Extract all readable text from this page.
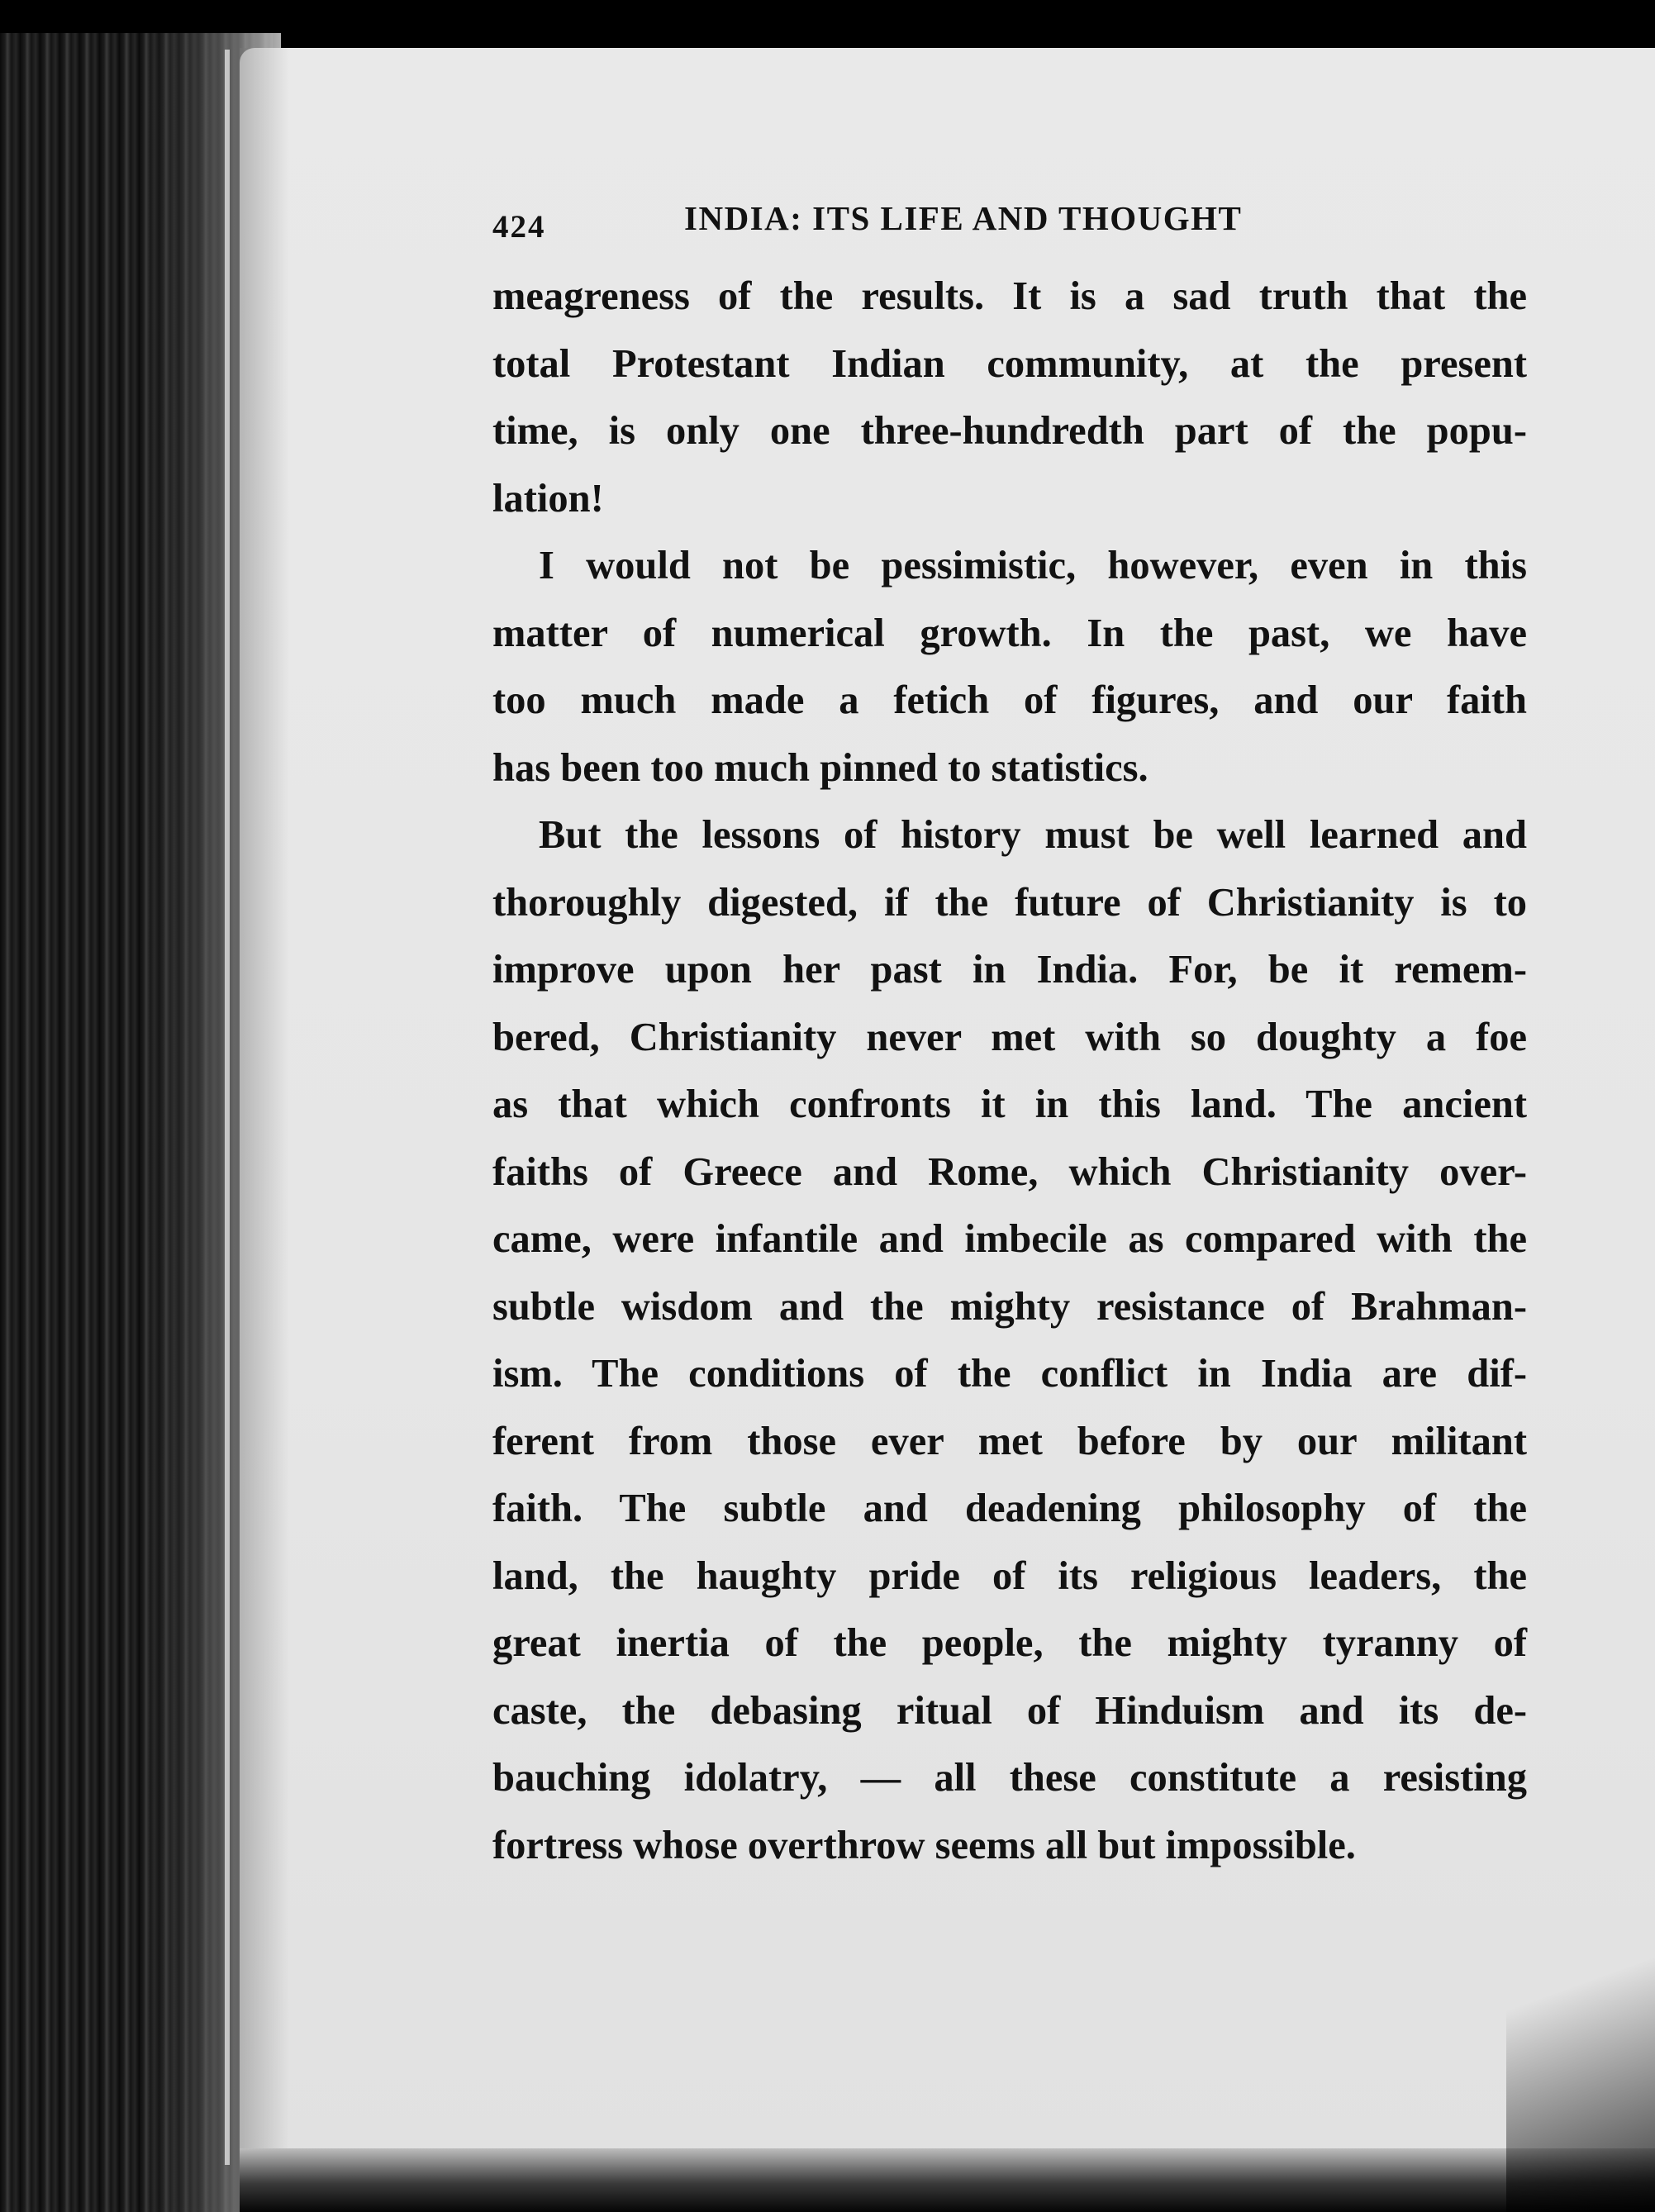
424	INDIA: ITS LIFE AND THOUGHT
meagreness of the results. It is a sad truth that the
total Protestant Indian community, at the present
time, is only one three-hundredth part of the popu-
lation!
I would not be pessimistic, however, even in this
matter of numerical growth. In the past, we have
too much made a fetich of figures, and our faith
has been too much pinned to statistics.
But the lessons of history must be well learned and
thoroughly digested, if the future of Christianity is to
improve upon her past in India. For, be it remem-
bered, Christianity never met with so doughty a foe
as that which confronts it in this land. The ancient
faiths of Greece and Rome, which Christianity over-
came, were infantile and imbecile as compared with the
subtle wisdom and the mighty resistance of Brahman-
ism. The conditions of the conflict in India are dif-
ferent from those ever met before by our militant
faith. The subtle and deadening philosophy of the
land, the haughty pride of its religious leaders, the
great inertia of the people, the mighty tyranny of
caste, the debasing ritual of Hinduism and its de-
bauching idolatry, — all these constitute a resisting
fortress whose overthrow seems all but impossible.
